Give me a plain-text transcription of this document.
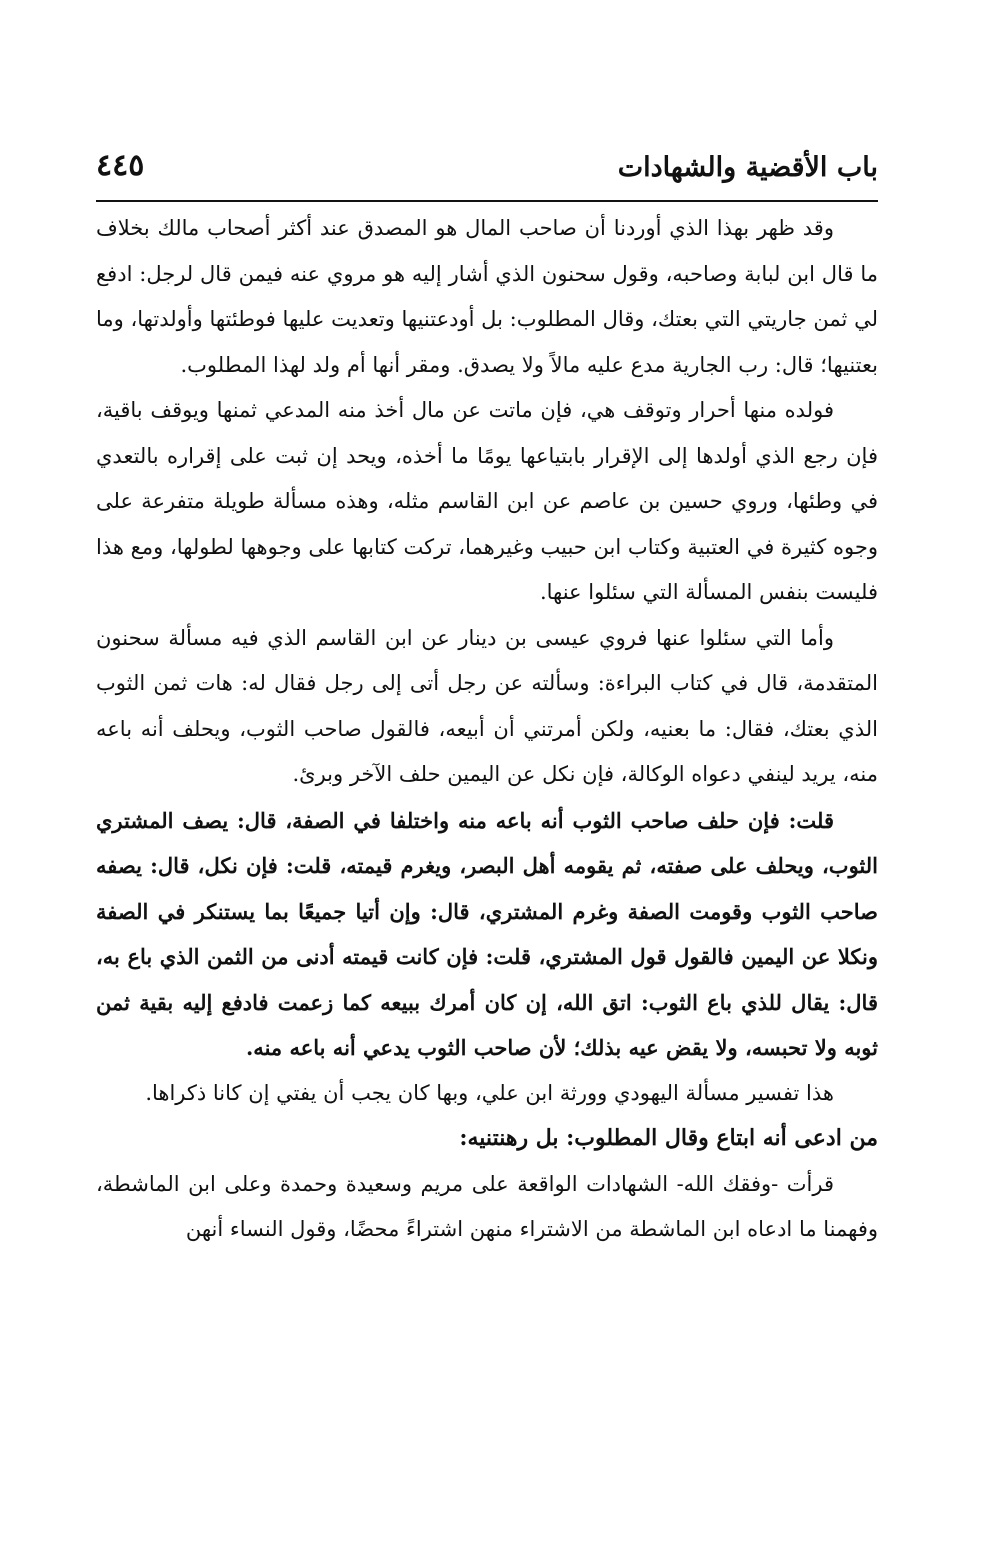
باب الأقضية والشهادات
٤٤٥

وقد ظهر بهذا الذي أوردنا أن صاحب المال هو المصدق عند أكثر أصحاب مالك بخلاف ما قال ابن لبابة وصاحبه، وقول سحنون الذي أشار إليه هو مروي عنه فيمن قال لرجل: ادفع لي ثمن جاريتي التي بعتك، وقال المطلوب: بل أودعتنيها وتعديت عليها فوطئتها وأولدتها، وما بعتنيها؛ قال: رب الجارية مدع عليه مالاً ولا يصدق. ومقر أنها أم ولد لهذا المطلوب.

فولده منها أحرار وتوقف هي، فإن ماتت عن مال أخذ منه المدعي ثمنها ويوقف باقية، فإن رجع الذي أولدها إلى الإقرار بابتياعها يومًا ما أخذه، ويحد إن ثبت على إقراره بالتعدي في وطئها، وروي حسين بن عاصم عن ابن القاسم مثله، وهذه مسألة طويلة متفرعة على وجوه كثيرة في العتبية وكتاب ابن حبيب وغيرهما، تركت كتابها على وجوهها لطولها، ومع هذا فليست بنفس المسألة التي سئلوا عنها.

وأما التي سئلوا عنها فروي عيسى بن دينار عن ابن القاسم الذي فيه مسألة سحنون المتقدمة، قال في كتاب البراءة: وسألته عن رجل أتى إلى رجل فقال له: هات ثمن الثوب الذي بعتك، فقال: ما بعنيه، ولكن أمرتني أن أبيعه، فالقول صاحب الثوب، ويحلف أنه باعه منه، يريد لينفي دعواه الوكالة، فإن نكل عن اليمين حلف الآخر وبرئ.

قلت: فإن حلف صاحب الثوب أنه باعه منه واختلفا في الصفة، قال: يصف المشتري الثوب، ويحلف على صفته، ثم يقومه أهل البصر، ويغرم قيمته، قلت: فإن نكل، قال: يصفه صاحب الثوب وقومت الصفة وغرم المشتري، قال: وإن أتيا جميعًا بما يستنكر في الصفة ونكلا عن اليمين فالقول قول المشتري، قلت: فإن كانت قيمته أدنى من الثمن الذي باع به، قال: يقال للذي باع الثوب: اتق الله، إن كان أمرك ببيعه كما زعمت فادفع إليه بقية ثمن ثوبه ولا تحبسه، ولا يقض عيه بذلك؛ لأن صاحب الثوب يدعي أنه باعه منه.

هذا تفسير مسألة اليهودي وورثة ابن علي، وبها كان يجب أن يفتي إن كانا ذكراها.

من ادعى أنه ابتاع وقال المطلوب: بل رهنتنيه:

قرأت -وفقك الله- الشهادات الواقعة على مريم وسعيدة وحمدة وعلى ابن الماشطة، وفهمنا ما ادعاه ابن الماشطة من الاشتراء منهن اشتراءً محضًا، وقول النساء أنهن
